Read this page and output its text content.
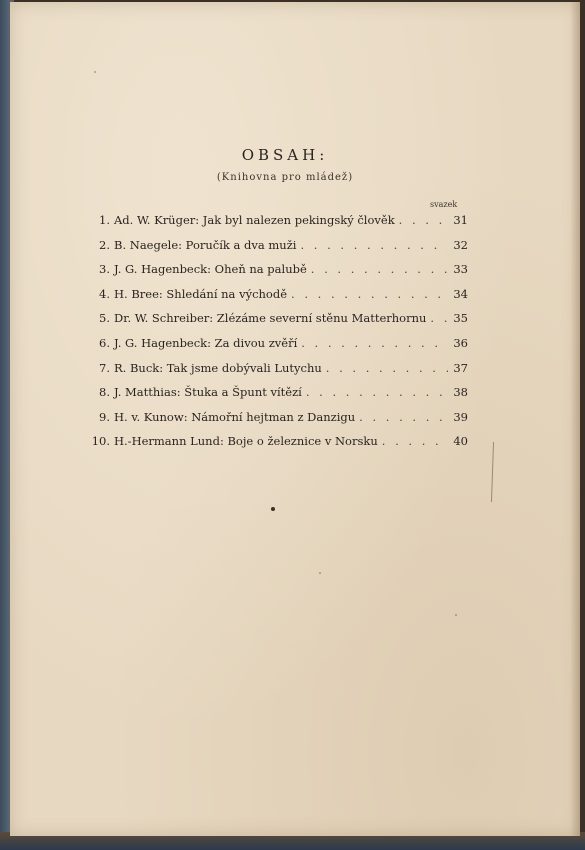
OBSAH:
(Knihovna pro mládež)
svazek
1. Ad. W. Krüger: Jak byl nalezen pekingský člověk . . .	31
2. B. Naegele: Poručík a dva muži . . .	32
3. J. G. Hagenbeck: Oheň na palubě . . .	33
4. H. Bree: Shledání na východě . . .	34
5. Dr. W. Schreiber: Zlézáme severní stěnu Matterhornu . . . 35
6. J. G. Hagenbeck: Za divou zvěří . . .	36
7. R. Buck: Tak jsme dobývali Lutychu . . .	37
8. J. Matthias: Štuka a Špunt vítězí . . .	38
9. H. v. Kunow: Námořní hejtman z Danzigu . . .	39
10. H.-Hermann Lund: Boje o železnice v Norsku . . .	40
